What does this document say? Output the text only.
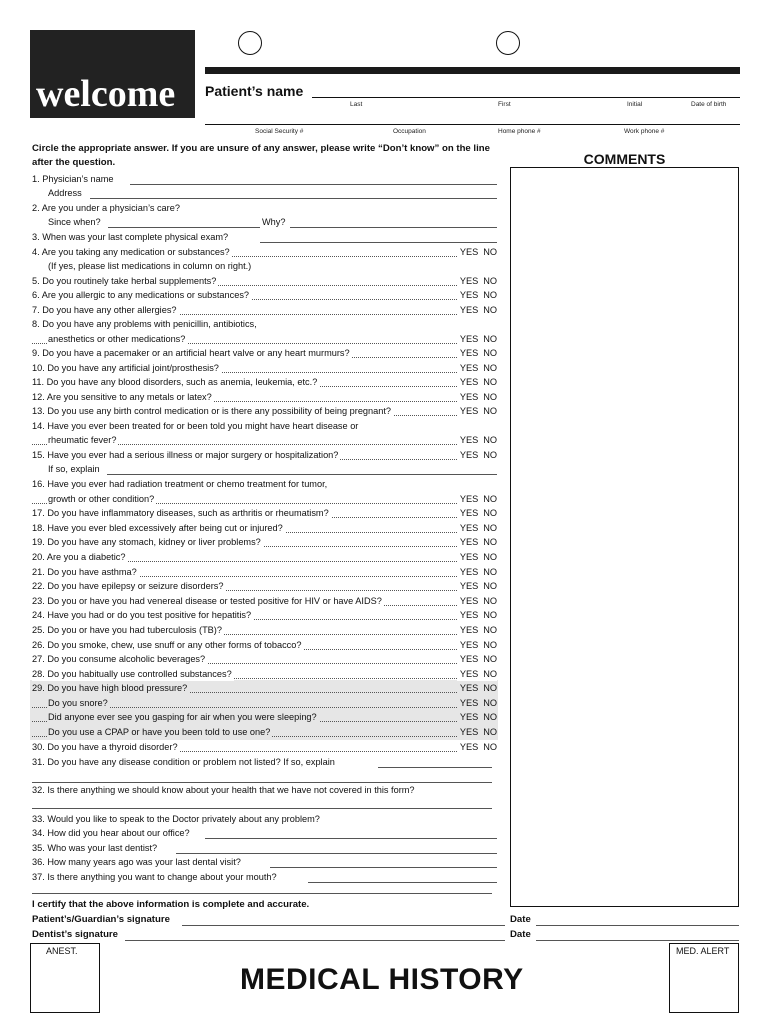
welcome Patient’s name
Last	First	Initial	Date of birth
Social Security #	Occupation	Home phone #	Work phone #
Circle the appropriate answer. If you are unsure of any answer, please write “Don’t know” on the line after the question.	COMMENTS
1. Physician’s name
Address
2. Are you under a physician’s care?
Since when?	Why?
3. When was your last complete physical exam?
4. Are you taking any medication or substances?	YES NO
(If yes, please list medications in column on right.)
5. Do you routinely take herbal supplements?	YES NO
6. Are you allergic to any medications or substances?	YES NO
7. Do you have any other allergies?	YES NO
8. Do you have any problems with penicillin, antibiotics,
anesthetics or other medications?	YES NO
9. Do you have a pacemaker or an artificial heart valve or any heart murmurs?	YES NO
10. Do you have any artificial joint/prosthesis?	YES NO
11. Do you have any blood disorders, such as anemia, leukemia, etc.?	YES NO
12. Are you sensitive to any metals or latex?	YES NO
13. Do you use any birth control medication or is there any possibility of being pregnant?	YES NO
14. Have you ever been treated for or been told you might have heart disease or
rheumatic fever?	YES NO
15. Have you ever had a serious illness or major surgery or hospitalization?	YES NO
If so, explain
16. Have you ever had radiation treatment or chemo treatment for tumor,
growth or other condition?	YES NO
17. Do you have inflammatory diseases, such as arthritis or rheumatism?	YES NO
18. Have you ever bled excessively after being cut or injured?	YES NO
19. Do you have any stomach, kidney or liver problems?	YES NO
20. Are you a diabetic?	YES NO
21. Do you have asthma?	YES NO
22. Do you have epilepsy or seizure disorders?	YES NO
23. Do you or have you had venereal disease or tested positive for HIV or have AIDS?	YES NO
24. Have you had or do you test positive for hepatitis?	YES NO
25. Do you or have you had tuberculosis (TB)?	YES NO
26. Do you smoke, chew, use snuff or any other forms of tobacco?	YES NO
27. Do you consume alcoholic beverages?	YES NO
28. Do you habitually use controlled substances?	YES NO
29. Do you have high blood pressure?	YES NO
Do you snore?	YES NO
Did anyone ever see you gasping for air when you were sleeping?	YES NO
Do you use a CPAP or have you been told to use one?	YES NO
30. Do you have a thyroid disorder?	YES NO
31. Do you have any disease condition or problem not listed? If so, explain
32. Is there anything we should know about your health that we have not covered in this form?
33. Would you like to speak to the Doctor privately about any problem?
34. How did you hear about our office?
35. Who was your last dentist?
36. How many years ago was your last dental visit?
37. Is there anything you want to change about your mouth?
I certify that the above information is complete and accurate.
Patient’s/Guardian’s signature	Date
Dentist’s signature	Date
ANEST.	MED. ALERT
MEDICAL HISTORY
